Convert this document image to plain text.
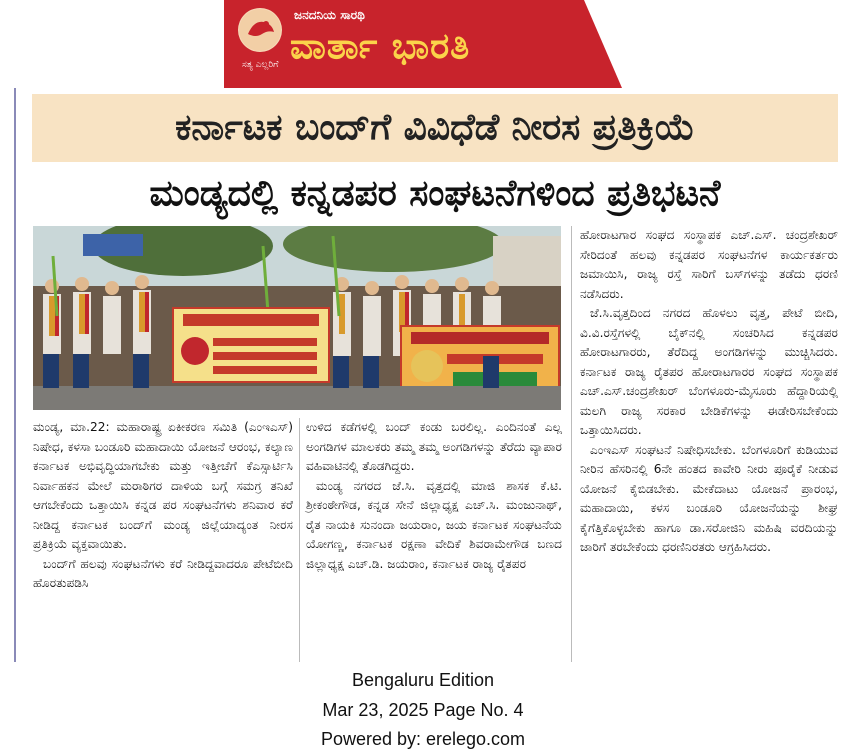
ಸತ್ಯ ಎಲ್ಲರಿಗೆ
ಜನದನಿಯ ಸಾರಥಿ
ವಾರ್ತಾ ಭಾರತಿ
ಕರ್ನಾಟಕ ಬಂದ್‌ಗೆ ವಿವಿಧೆಡೆ ನೀರಸ ಪ್ರತಿಕ್ರಿಯೆ
ಮಂಡ್ಯದಲ್ಲಿ ಕನ್ನಡಪರ ಸಂಘಟನೆಗಳಿಂದ ಪ್ರತಿಭಟನೆ

ಮಂಡ್ಯ, ಮಾ.22: ಮಹಾರಾಷ್ಟ್ರ ಏಕೀಕರಣ ಸಮಿತಿ (ಎಂಇಎಸ್) ನಿಷೇಧ, ಕಳಸಾ ಬಂಡೂರಿ ಮಹಾದಾಯಿ ಯೋಜನೆ ಆರಂಭ, ಕಲ್ಯಾಣ ಕರ್ನಾಟಕ ಅಭಿವೃದ್ಧಿಯಾಗಬೇಕು ಮತ್ತು ಇತ್ತೀಚೆಗೆ ಕೆಎಸ್ಸಾರ್ಟಿಸಿ ನಿರ್ವಾಹಕನ ಮೇಲೆ ಮರಾಠಿಗರ ದಾಳಿಯ ಬಗ್ಗೆ ಸಮಗ್ರ ತನಿಖೆ ಆಗಬೇಕೆಂದು ಒತ್ತಾಯಿಸಿ ಕನ್ನಡ ಪರ ಸಂಘಟನೆಗಳು ಶನಿವಾರ ಕರೆ ನೀಡಿದ್ದ ಕರ್ನಾಟಕ ಬಂದ್‌ಗೆ ಮಂಡ್ಯ ಜಿಲ್ಲೆಯಾದ್ಯಂತ ನೀರಸ ಪ್ರತಿಕ್ರಿಯೆ ವ್ಯಕ್ತವಾಯಿತು.

ಬಂದ್‌ಗೆ ಹಲವು ಸಂಘಟನೆಗಳು ಕರೆ ನೀಡಿದ್ದವಾದರೂ ಪೇಟೆಬೀದಿ ಹೊರತುಪಡಿಸಿ

ಉಳಿದ ಕಡೆಗಳಲ್ಲಿ ಬಂದ್ ಕಂಡು ಬರಲಿಲ್ಲ. ಎಂದಿನಂತೆ ಎಲ್ಲ ಅಂಗಡಿಗಳ ಮಾಲಕರು ತಮ್ಮ ತಮ್ಮ ಅಂಗಡಿಗಳನ್ನು ತೆರೆದು ವ್ಯಾಪಾರ ವಹಿವಾಟಿನಲ್ಲಿ ತೊಡಗಿದ್ದರು.

ಮಂಡ್ಯ ನಗರದ ಜೆ.ಸಿ. ವೃತ್ತದಲ್ಲಿ ಮಾಜಿ ಶಾಸಕ ಕೆ.ಟಿ. ಶ್ರೀಕಂಠೇಗೌಡ, ಕನ್ನಡ ಸೇನೆ ಜಿಲ್ಲಾಧ್ಯಕ್ಷ ಎಚ್.ಸಿ. ಮಂಜುನಾಥ್, ರೈತ ನಾಯಕಿ ಸುನಂದಾ ಜಯರಾಂ, ಜಯ ಕರ್ನಾಟಕ ಸಂಘಟನೆಯ ಯೋಗಣ್ಣ, ಕರ್ನಾಟಕ ರಕ್ಷಣಾ ವೇದಿಕೆ ಶಿವರಾಮೇಗೌಡ ಬಣದ ಜಿಲ್ಲಾಧ್ಯಕ್ಷ ಎಚ್.ಡಿ. ಜಯರಾಂ, ಕರ್ನಾಟಕ ರಾಜ್ಯ ರೈತಪರ

ಹೋರಾಟಗಾರ ಸಂಘದ ಸಂಸ್ಥಾಪಕ ಎಚ್.ಎಸ್. ಚಂದ್ರಶೇಖರ್ ಸೇರಿದಂತೆ ಹಲವು ಕನ್ನಡಪರ ಸಂಘಟನೆಗಳ ಕಾರ್ಯಕರ್ತರು ಜಮಾಯಿಸಿ, ರಾಜ್ಯ ರಸ್ತೆ ಸಾರಿಗೆ ಬಸ್‌ಗಳನ್ನು ತಡೆದು ಧರಣಿ ನಡೆಸಿದರು.

ಜೆ.ಸಿ.ವೃತ್ತದಿಂದ ನಗರದ ಹೊಳಲು ವೃತ್ತ, ಪೇಟೆ ಬೀದಿ, ವಿ.ವಿ.ರಸ್ತೆಗಳಲ್ಲಿ ಬೈಕ್‌ನಲ್ಲಿ ಸಂಚರಿಸಿದ ಕನ್ನಡಪರ ಹೋರಾಟಗಾರರು, ತೆರೆದಿದ್ದ ಅಂಗಡಿಗಳನ್ನು ಮುಚ್ಚಿಸಿದರು. ಕರ್ನಾಟಕ ರಾಜ್ಯ ರೈತಪರ ಹೋರಾಟಗಾರರ ಸಂಘದ ಸಂಸ್ಥಾಪಕ ಎಚ್.ಎಸ್.ಚಂದ್ರಶೇಖರ್ ಬೆಂಗಳೂರು-ಮೈಸೂರು ಹೆದ್ದಾರಿಯಲ್ಲಿ ಮಲಗಿ ರಾಜ್ಯ ಸರಕಾರ ಬೇಡಿಕೆಗಳನ್ನು ಈಡೇರಿಸಬೇಕೆಂದು ಒತ್ತಾಯಿಸಿದರು.

ಎಂಇಎಸ್ ಸಂಘಟನೆ ನಿಷೇಧಿಸಬೇಕು. ಬೆಂಗಳೂರಿಗೆ ಕುಡಿಯುವ ನೀರಿನ ಹೆಸರಿನಲ್ಲಿ 6ನೇ ಹಂತದ ಕಾವೇರಿ ನೀರು ಪೂರೈಕೆ ನೀಡುವ ಯೋಜನೆ ಕೈಬಿಡಬೇಕು. ಮೇಕೆದಾಟು ಯೋಜನೆ ಪ್ರಾರಂಭ, ಮಹಾದಾಯಿ, ಕಳಸ ಬಂಡೂರಿ ಯೋಜನೆಯನ್ನು ಶೀಘ್ರ ಕೈಗೆತ್ತಿಕೊಳ್ಳಬೇಕು ಹಾಗೂ ಡಾ.ಸರೋಜಿನಿ ಮಹಿಷಿ ವರದಿಯನ್ನು ಜಾರಿಗೆ ತರಬೇಕೆಂದು ಧರಣಿನಿರತರು ಆಗ್ರಹಿಸಿದರು.

Bengaluru Edition
Mar 23, 2025 Page No. 4
Powered by: erelego.com
